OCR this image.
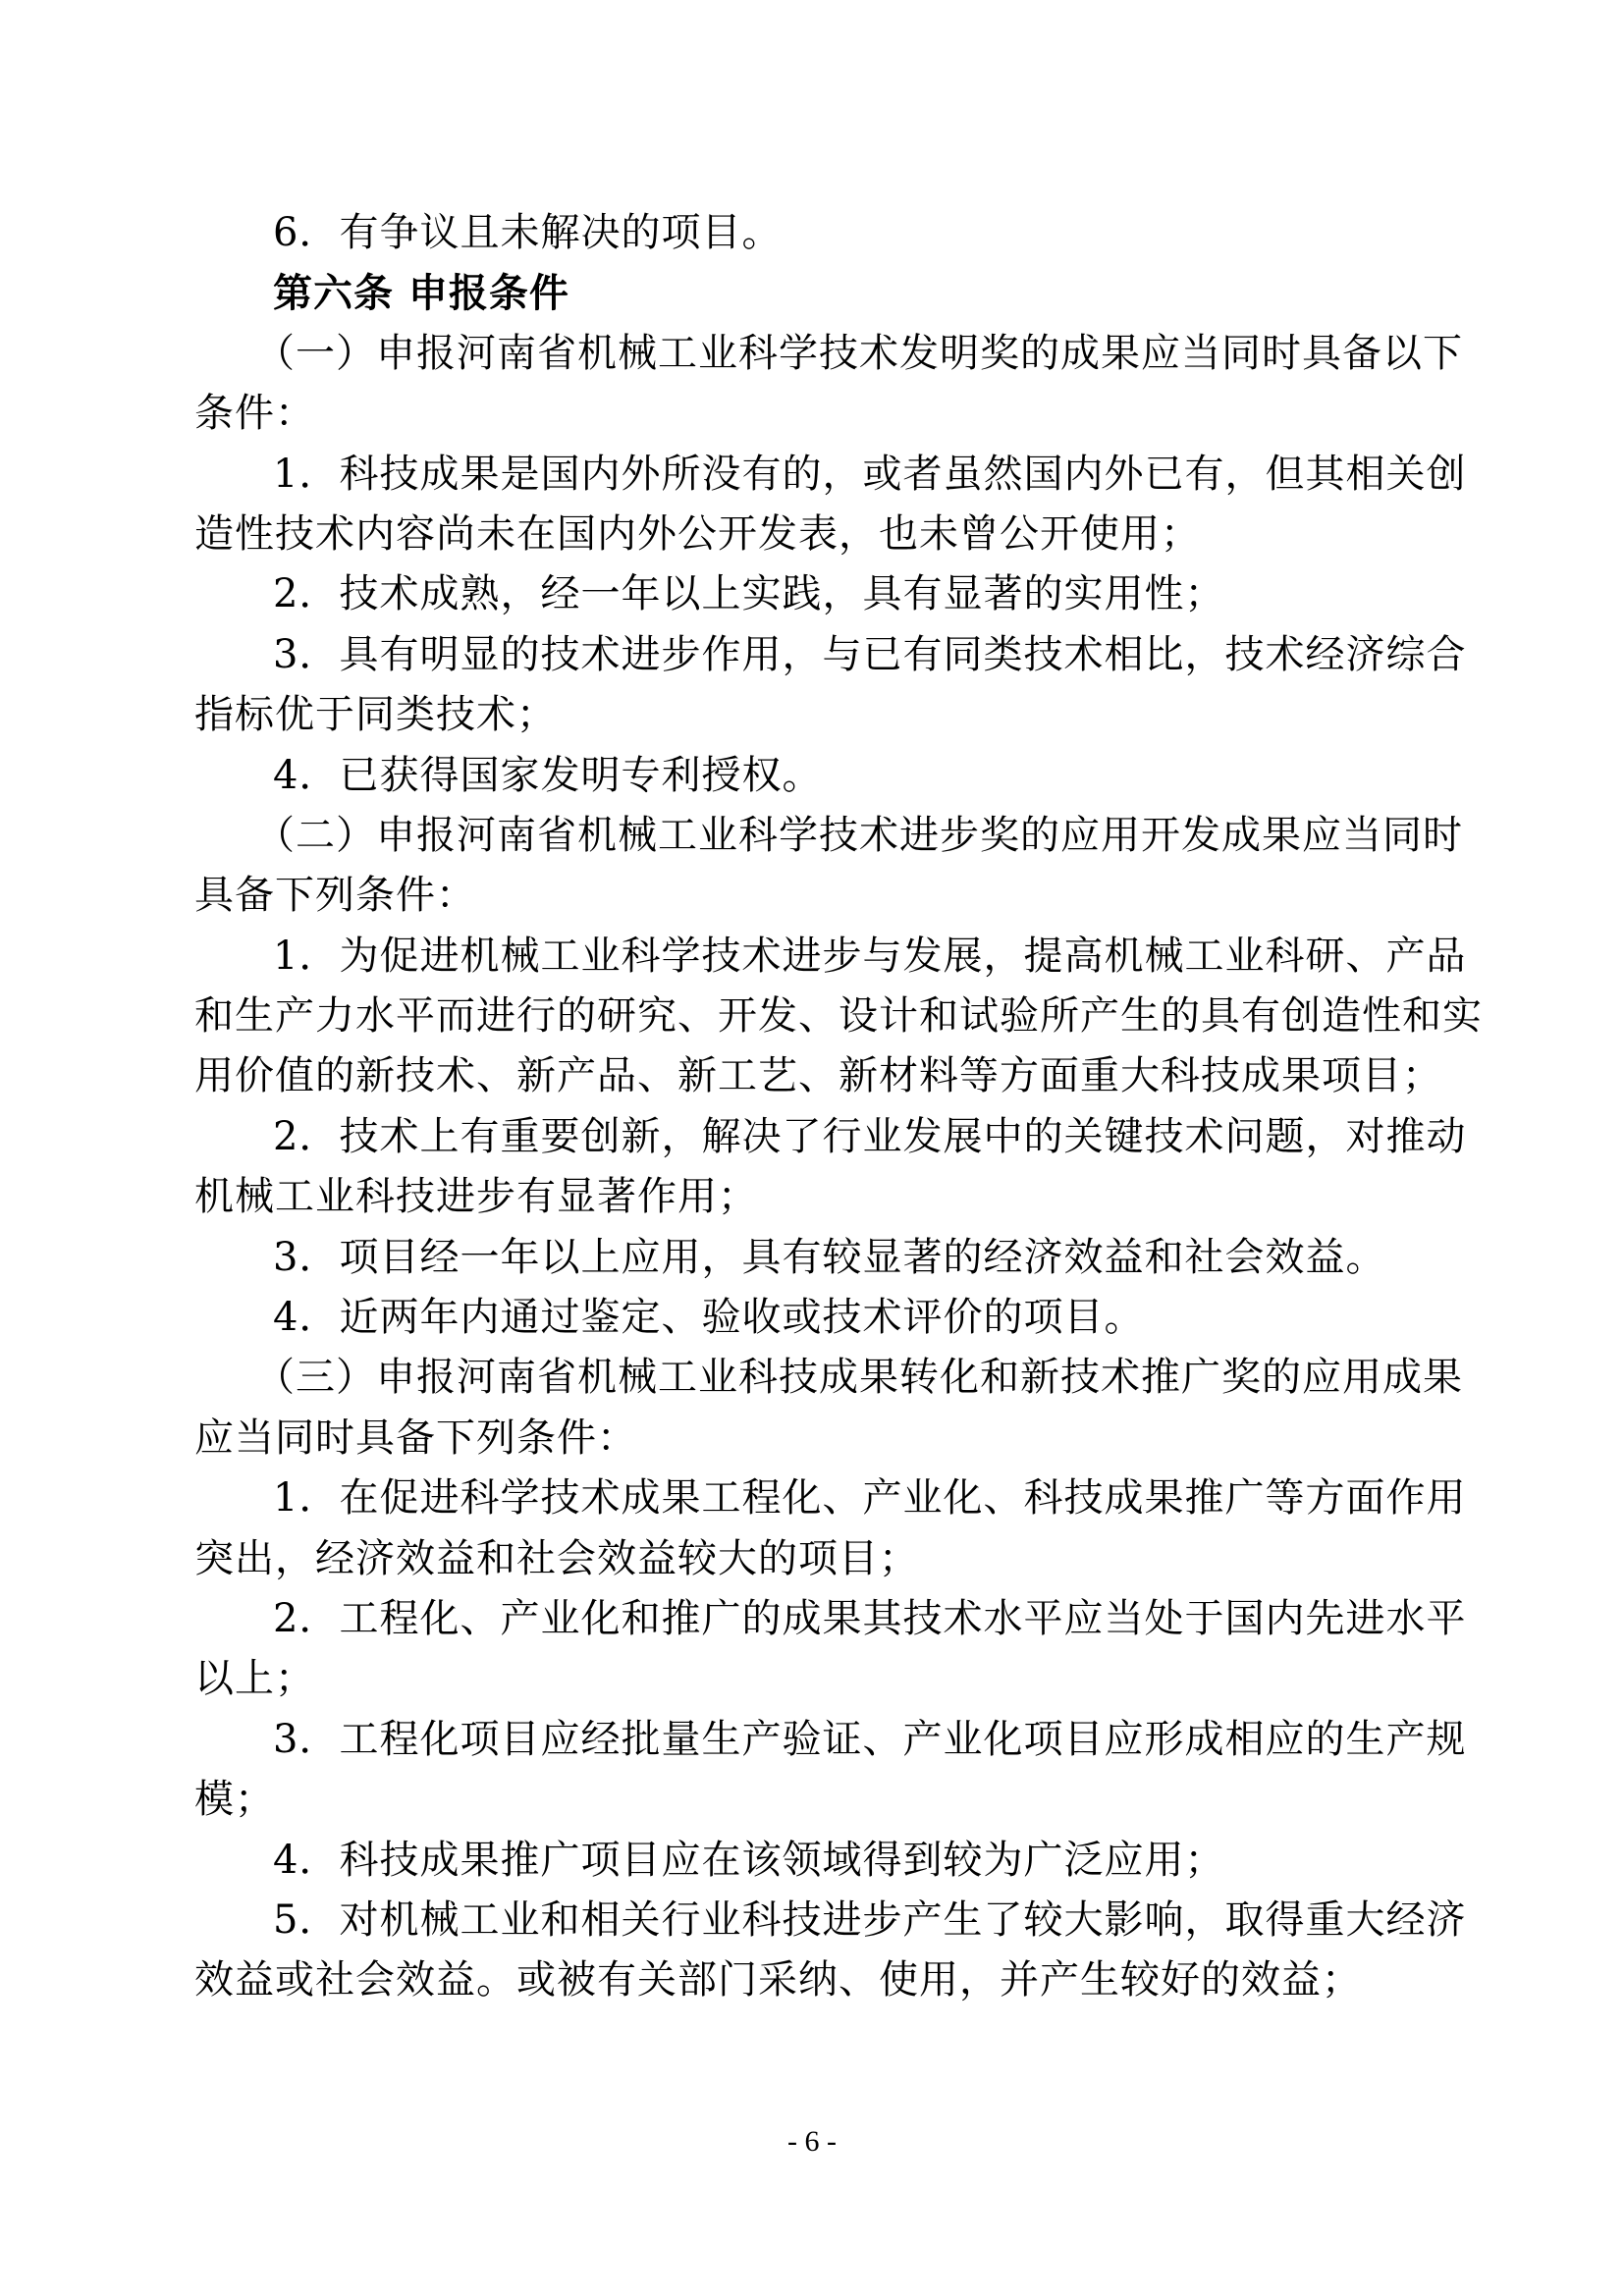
6．有争议且未解决的项目。
第六条 申报条件
（一）申报河南省机械工业科学技术发明奖的成果应当同时具备以下
条件：
1．科技成果是国内外所没有的，或者虽然国内外已有，但其相关创
造性技术内容尚未在国内外公开发表，也未曾公开使用；
2．技术成熟，经一年以上实践，具有显著的实用性；
3．具有明显的技术进步作用，与已有同类技术相比，技术经济综合
指标优于同类技术；
4．已获得国家发明专利授权。
（二）申报河南省机械工业科学技术进步奖的应用开发成果应当同时
具备下列条件：
1．为促进机械工业科学技术进步与发展，提高机械工业科研、产品
和生产力水平而进行的研究、开发、设计和试验所产生的具有创造性和实
用价值的新技术、新产品、新工艺、新材料等方面重大科技成果项目；
2．技术上有重要创新，解决了行业发展中的关键技术问题，对推动
机械工业科技进步有显著作用；
3．项目经一年以上应用，具有较显著的经济效益和社会效益。
4．近两年内通过鉴定、验收或技术评价的项目。
（三）申报河南省机械工业科技成果转化和新技术推广奖的应用成果
应当同时具备下列条件：
1．在促进科学技术成果工程化、产业化、科技成果推广等方面作用
突出，经济效益和社会效益较大的项目；
2．工程化、产业化和推广的成果其技术水平应当处于国内先进水平
以上；
3．工程化项目应经批量生产验证、产业化项目应形成相应的生产规
模；
4．科技成果推广项目应在该领域得到较为广泛应用；
5．对机械工业和相关行业科技进步产生了较大影响，取得重大经济
效益或社会效益。或被有关部门采纳、使用，并产生较好的效益；
- 6 -
